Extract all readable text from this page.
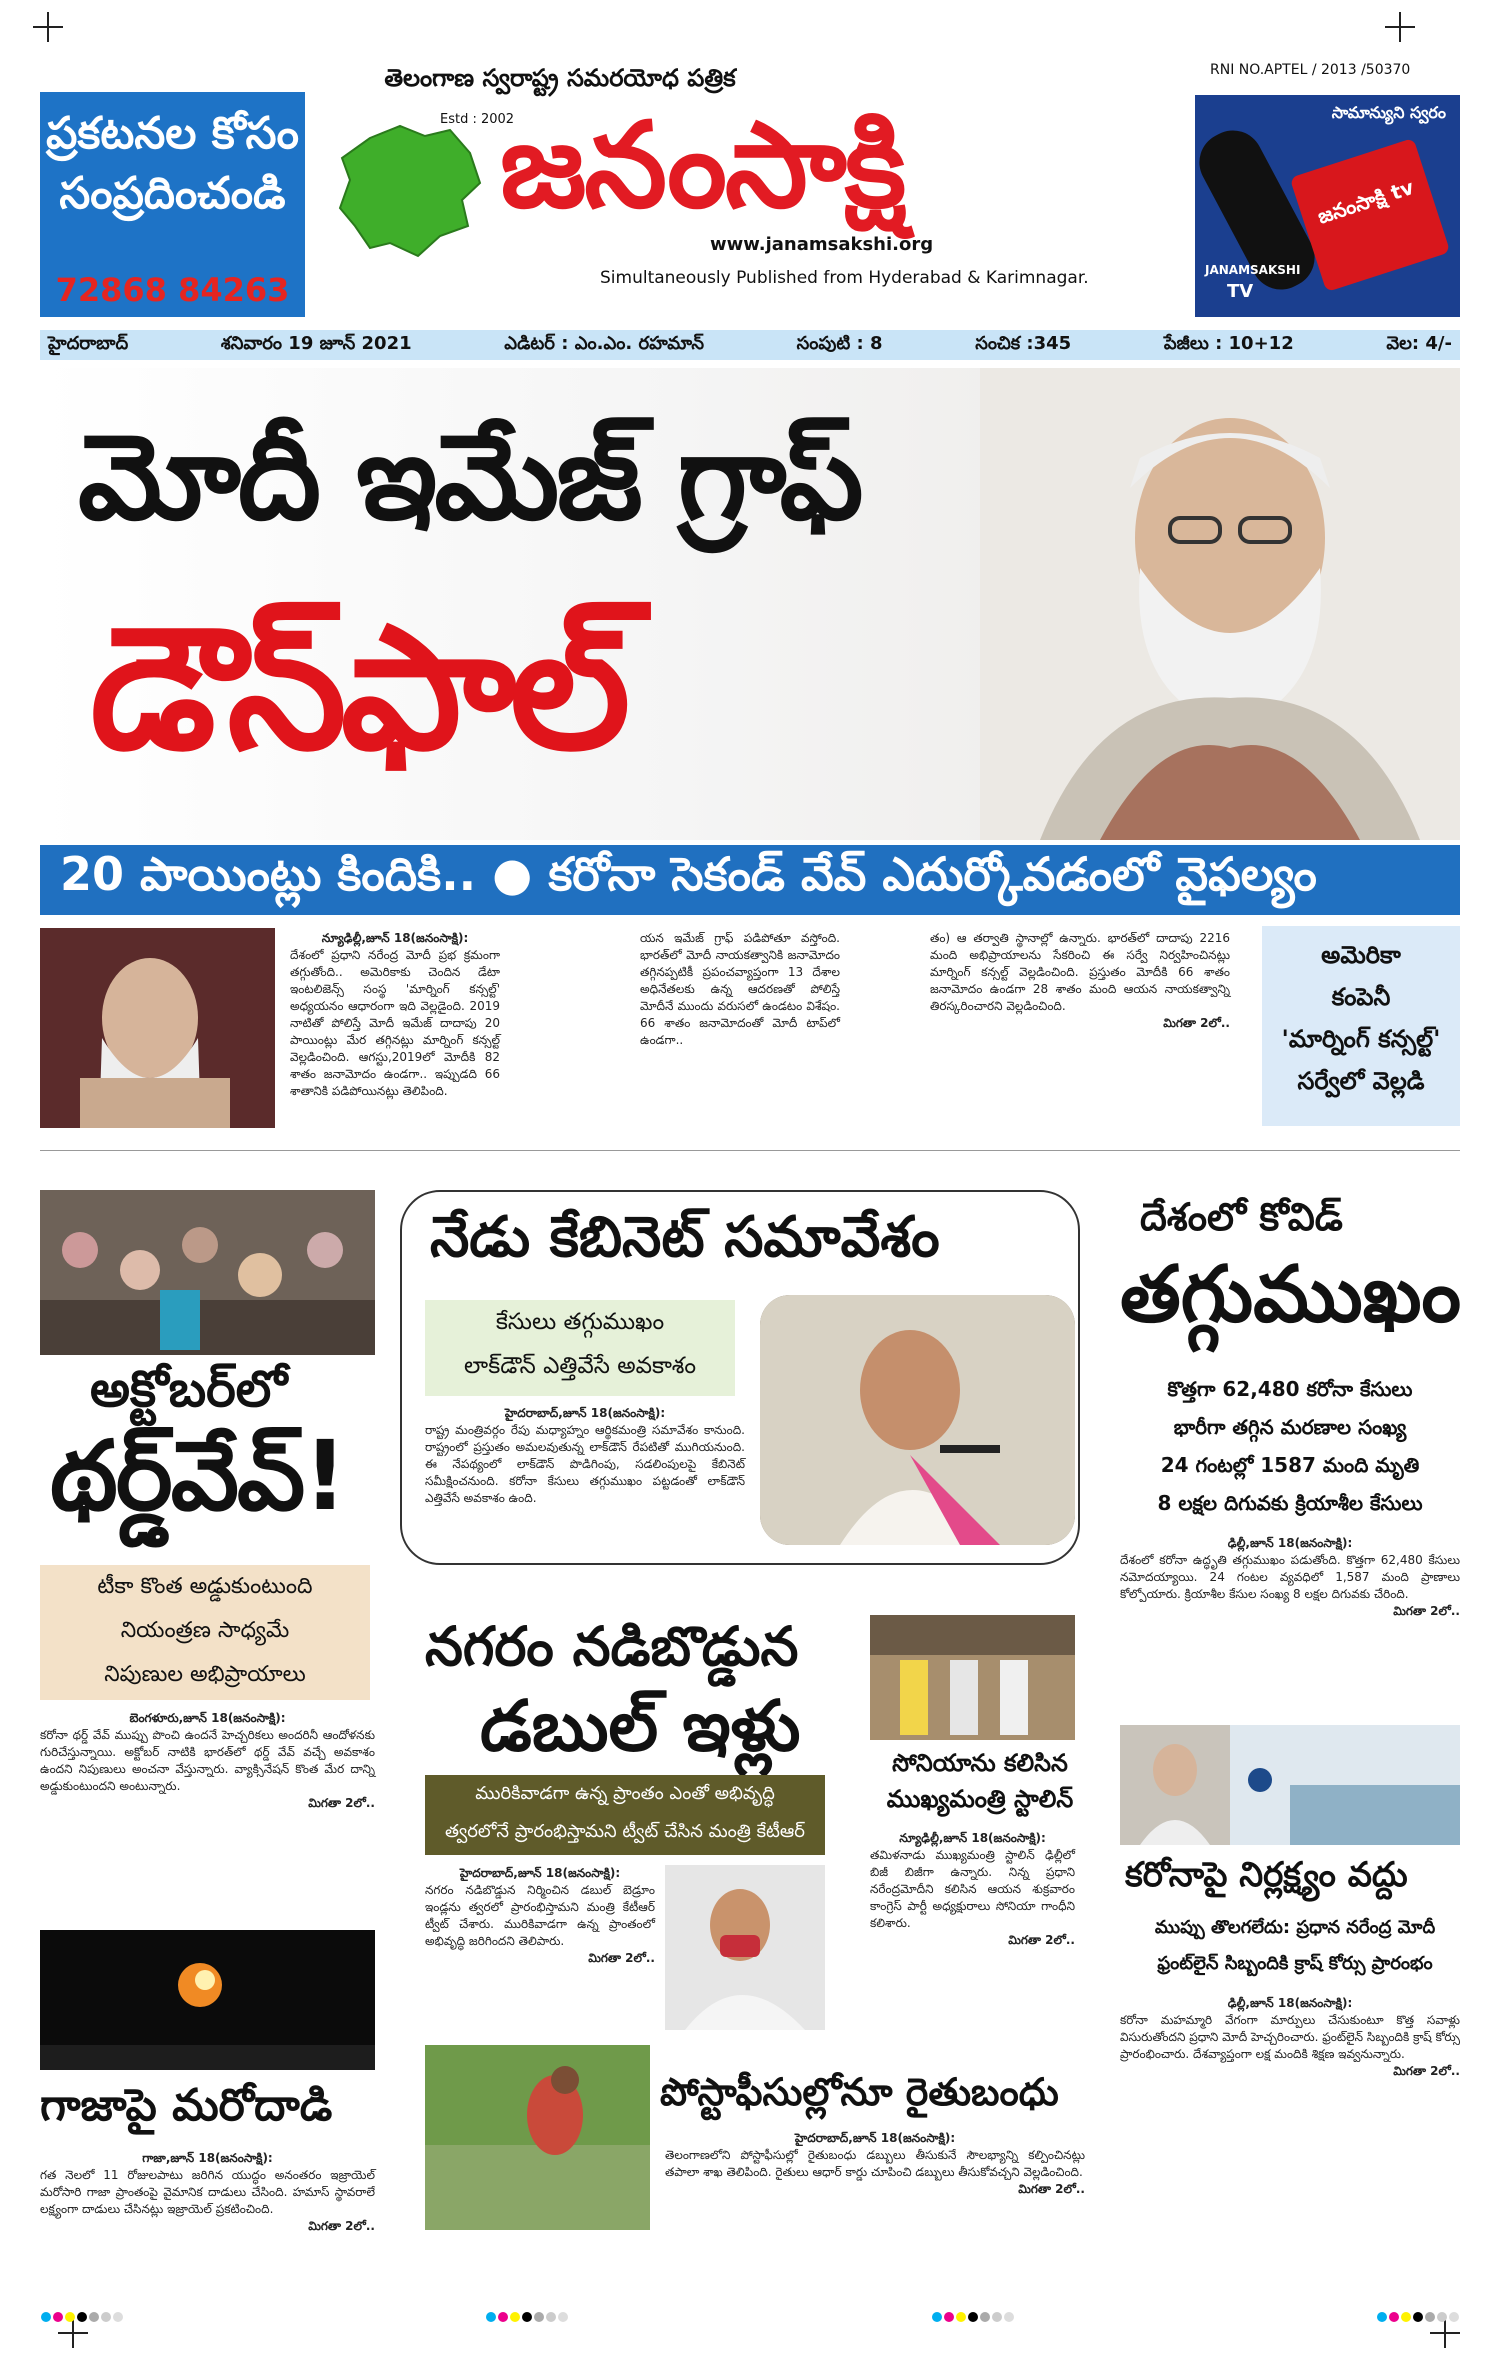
ప్రకటనల కోసం
సంప్రదించండి
72868 84263
తెలంగాణ స్వరాష్ట్ర సమరయోధ పత్రిక
Estd : 2002
జనంసాక్షి
www.janamsakshi.org
Simultaneously Published from Hyderabad & Karimnagar.
RNI NO.APTEL / 2013 /50370
సామాన్యుని స్వరం
జనంసాక్షి tv
JANAMSAKSHI
TV
హైదరాబాద్	శనివారం 19 జూన్ 2021	ఎడిటర్ : ఎం.ఎం. రహమాన్	సంపుటి : 8	సంచిక :345	పేజీలు : 10+12	వెల: 4/-
మోదీ ఇమేజ్ గ్రాఫ్
డౌన్‌ఫాల్
20 పాయింట్లు కిందికి.. ● కరోనా సెకండ్ వేవ్ ఎదుర్కోవడంలో వైఫల్యం
న్యూఢిల్లీ,జూన్ 18(జనంసాక్షి):
దేశంలో ప్రధాని నరేంద్ర మోదీ ప్రభ క్రమంగా తగ్గుతోంది.. అమెరికాకు చెందిన డేటా ఇంటలిజెన్స్ సంస్థ 'మార్నింగ్ కన్సల్ట్' అధ్యయనం ఆధారంగా ఇది వెల్లడైంది. 2019 నాటితో పోలిస్తే మోదీ ఇమేజ్ దాదాపు 20 పాయింట్లు మేర తగ్గినట్లు మార్నింగ్ కన్సల్ట్ వెల్లడించింది. ఆగస్టు,2019లో మోదీకి 82 శాతం జనామోదం ఉండగా.. ఇప్పుడది 66 శాతానికి పడిపోయినట్లు తెలిపింది.
యన ఇమేజ్ గ్రాఫ్ పడిపోతూ వస్తోంది. భారత్‌లో మోదీ నాయకత్వానికి జనామోదం తగ్గినప్పటికీ ప్రపంచవ్యాప్తంగా 13 దేశాల అధినేతలకు ఉన్న ఆదరణతో పోలిస్తే మోదీనే ముందు వరుసలో ఉండటం విశేషం. 66 శాతం జనామోదంతో మోదీ టాప్‌లో ఉండగా..
తం) ఆ తర్వాతి స్థానాల్లో ఉన్నారు. భారత్‌లో దాదాపు 2216 మంది అభిప్రాయాలను సేకరించి ఈ సర్వే నిర్వహించినట్లు మార్నింగ్ కన్సల్ట్ వెల్లడించింది. ప్రస్తుతం మోదీకి 66 శాతం జనామోదం ఉండగా 28 శాతం మంది ఆయన నాయకత్వాన్ని తిరస్కరించారని వెల్లడించింది.
మిగతా 2లో..
అమెరికా
కంపెనీ
'మార్నింగ్ కన్సల్ట్'
సర్వేలో వెల్లడి
అక్టోబర్‌లో
థర్డ్‌వేవ్!
టీకా కొంత అడ్డుకుంటుంది
నియంత్రణ సాధ్యమే
నిపుణుల అభిప్రాయాలు
బెంగళూరు,జూన్ 18(జనంసాక్షి):
కరోనా థర్డ్ వేవ్ ముప్పు పొంచి ఉందనే హెచ్చరికలు అందరినీ ఆందోళనకు గురిచేస్తున్నాయి. అక్టోబర్ నాటికి భారత్‌లో థర్డ్ వేవ్ వచ్చే అవకాశం ఉందని నిపుణులు అంచనా వేస్తున్నారు. వ్యాక్సినేషన్ కొంత మేర దాన్ని అడ్డుకుంటుందని అంటున్నారు.
మిగతా 2లో..
గాజాపై మరోదాడి
గాజా,జూన్ 18(జనంసాక్షి):
గత నెలలో 11 రోజులపాటు జరిగిన యుద్ధం అనంతరం ఇజ్రాయెల్ మరోసారి గాజా ప్రాంతంపై వైమానిక దాడులు చేసింది. హమాస్ స్థావరాలే లక్ష్యంగా దాడులు చేసినట్లు ఇజ్రాయెల్ ప్రకటించింది.
మిగతా 2లో..
నేడు కేబినెట్ సమావేశం
కేసులు తగ్గుముఖం
లాక్‌డౌన్ ఎత్తివేసే అవకాశం
హైదరాబాద్,జూన్ 18(జనంసాక్షి):
రాష్ట్ర మంత్రివర్గం రేపు మధ్యాహ్నం ఆర్థికమంత్రి సమావేశం కానుంది. రాష్ట్రంలో ప్రస్తుతం అమలవుతున్న లాక్‌డౌన్ రేపటితో ముగియనుంది. ఈ నేపథ్యంలో లాక్‌డౌన్ పొడిగింపు, సడలింపులపై కేబినెట్ సమీక్షించనుంది. కరోనా కేసులు తగ్గుముఖం పట్టడంతో లాక్‌డౌన్ ఎత్తివేసే అవకాశం ఉంది.
దేశంలో కోవిడ్
తగ్గుముఖం
కొత్తగా 62,480 కరోనా కేసులు
భారీగా తగ్గిన మరణాల సంఖ్య
24 గంటల్లో 1587 మంది మృతి
8 లక్షల దిగువకు క్రియాశీల కేసులు
ఢిల్లీ,జూన్ 18(జనంసాక్షి):
దేశంలో కరోనా ఉద్ధృతి తగ్గుముఖం పడుతోంది. కొత్తగా 62,480 కేసులు నమోదయ్యాయి. 24 గంటల వ్యవధిలో 1,587 మంది ప్రాణాలు కోల్పోయారు. క్రియాశీల కేసుల సంఖ్య 8 లక్షల దిగువకు చేరింది.
మిగతా 2లో..
నగరం నడిబొడ్డున
డబుల్ ఇళ్లు
మురికివాడగా ఉన్న ప్రాంతం ఎంతో అభివృద్ధి
త్వరలోనే ప్రారంభిస్తామని ట్వీట్ చేసిన మంత్రి కేటీఆర్
హైదరాబాద్,జూన్ 18(జనంసాక్షి):
నగరం నడిబొడ్డున నిర్మించిన డబుల్ బెడ్రూం ఇండ్లను త్వరలో ప్రారంభిస్తామని మంత్రి కేటీఆర్ ట్వీట్ చేశారు. మురికివాడగా ఉన్న ప్రాంతంలో అభివృద్ధి జరిగిందని తెలిపారు.
మిగతా 2లో..
సోనియాను కలిసిన ముఖ్యమంత్రి స్టాలిన్
న్యూఢిల్లీ,జూన్ 18(జనంసాక్షి):
తమిళనాడు ముఖ్యమంత్రి స్టాలిన్ ఢిల్లీలో బిజీ బిజీగా ఉన్నారు. నిన్న ప్రధాని నరేంద్రమోదీని కలిసిన ఆయన శుక్రవారం కాంగ్రెస్ పార్టీ అధ్యక్షురాలు సోనియా గాంధీని కలిశారు.
మిగతా 2లో..
కరోనాపై నిర్లక్ష్యం వద్దు
ముప్పు తొలగలేదు: ప్రధాన నరేంద్ర మోదీ
ఫ్రంట్‌లైన్ సిబ్బందికి క్రాష్ కోర్సు ప్రారంభం
ఢిల్లీ,జూన్ 18(జనంసాక్షి):
కరోనా మహమ్మారి వేగంగా మార్పులు చేసుకుంటూ కొత్త సవాళ్లు విసురుతోందని ప్రధాని మోదీ హెచ్చరించారు. ఫ్రంట్‌లైన్ సిబ్బందికి క్రాష్ కోర్సు ప్రారంభించారు. దేశవ్యాప్తంగా లక్ష మందికి శిక్షణ ఇవ్వనున్నారు.
మిగతా 2లో..
పోస్టాఫీసుల్లోనూ రైతుబంధు
హైదరాబాద్,జూన్ 18(జనంసాక్షి):
తెలంగాణలోని పోస్టాఫీసుల్లో రైతుబంధు డబ్బులు తీసుకునే సౌలభ్యాన్ని కల్పించినట్లు తపాలా శాఖ తెలిపింది. రైతులు ఆధార్ కార్డు చూపించి డబ్బులు తీసుకోవచ్చని వెల్లడించింది.
మిగతా 2లో..
